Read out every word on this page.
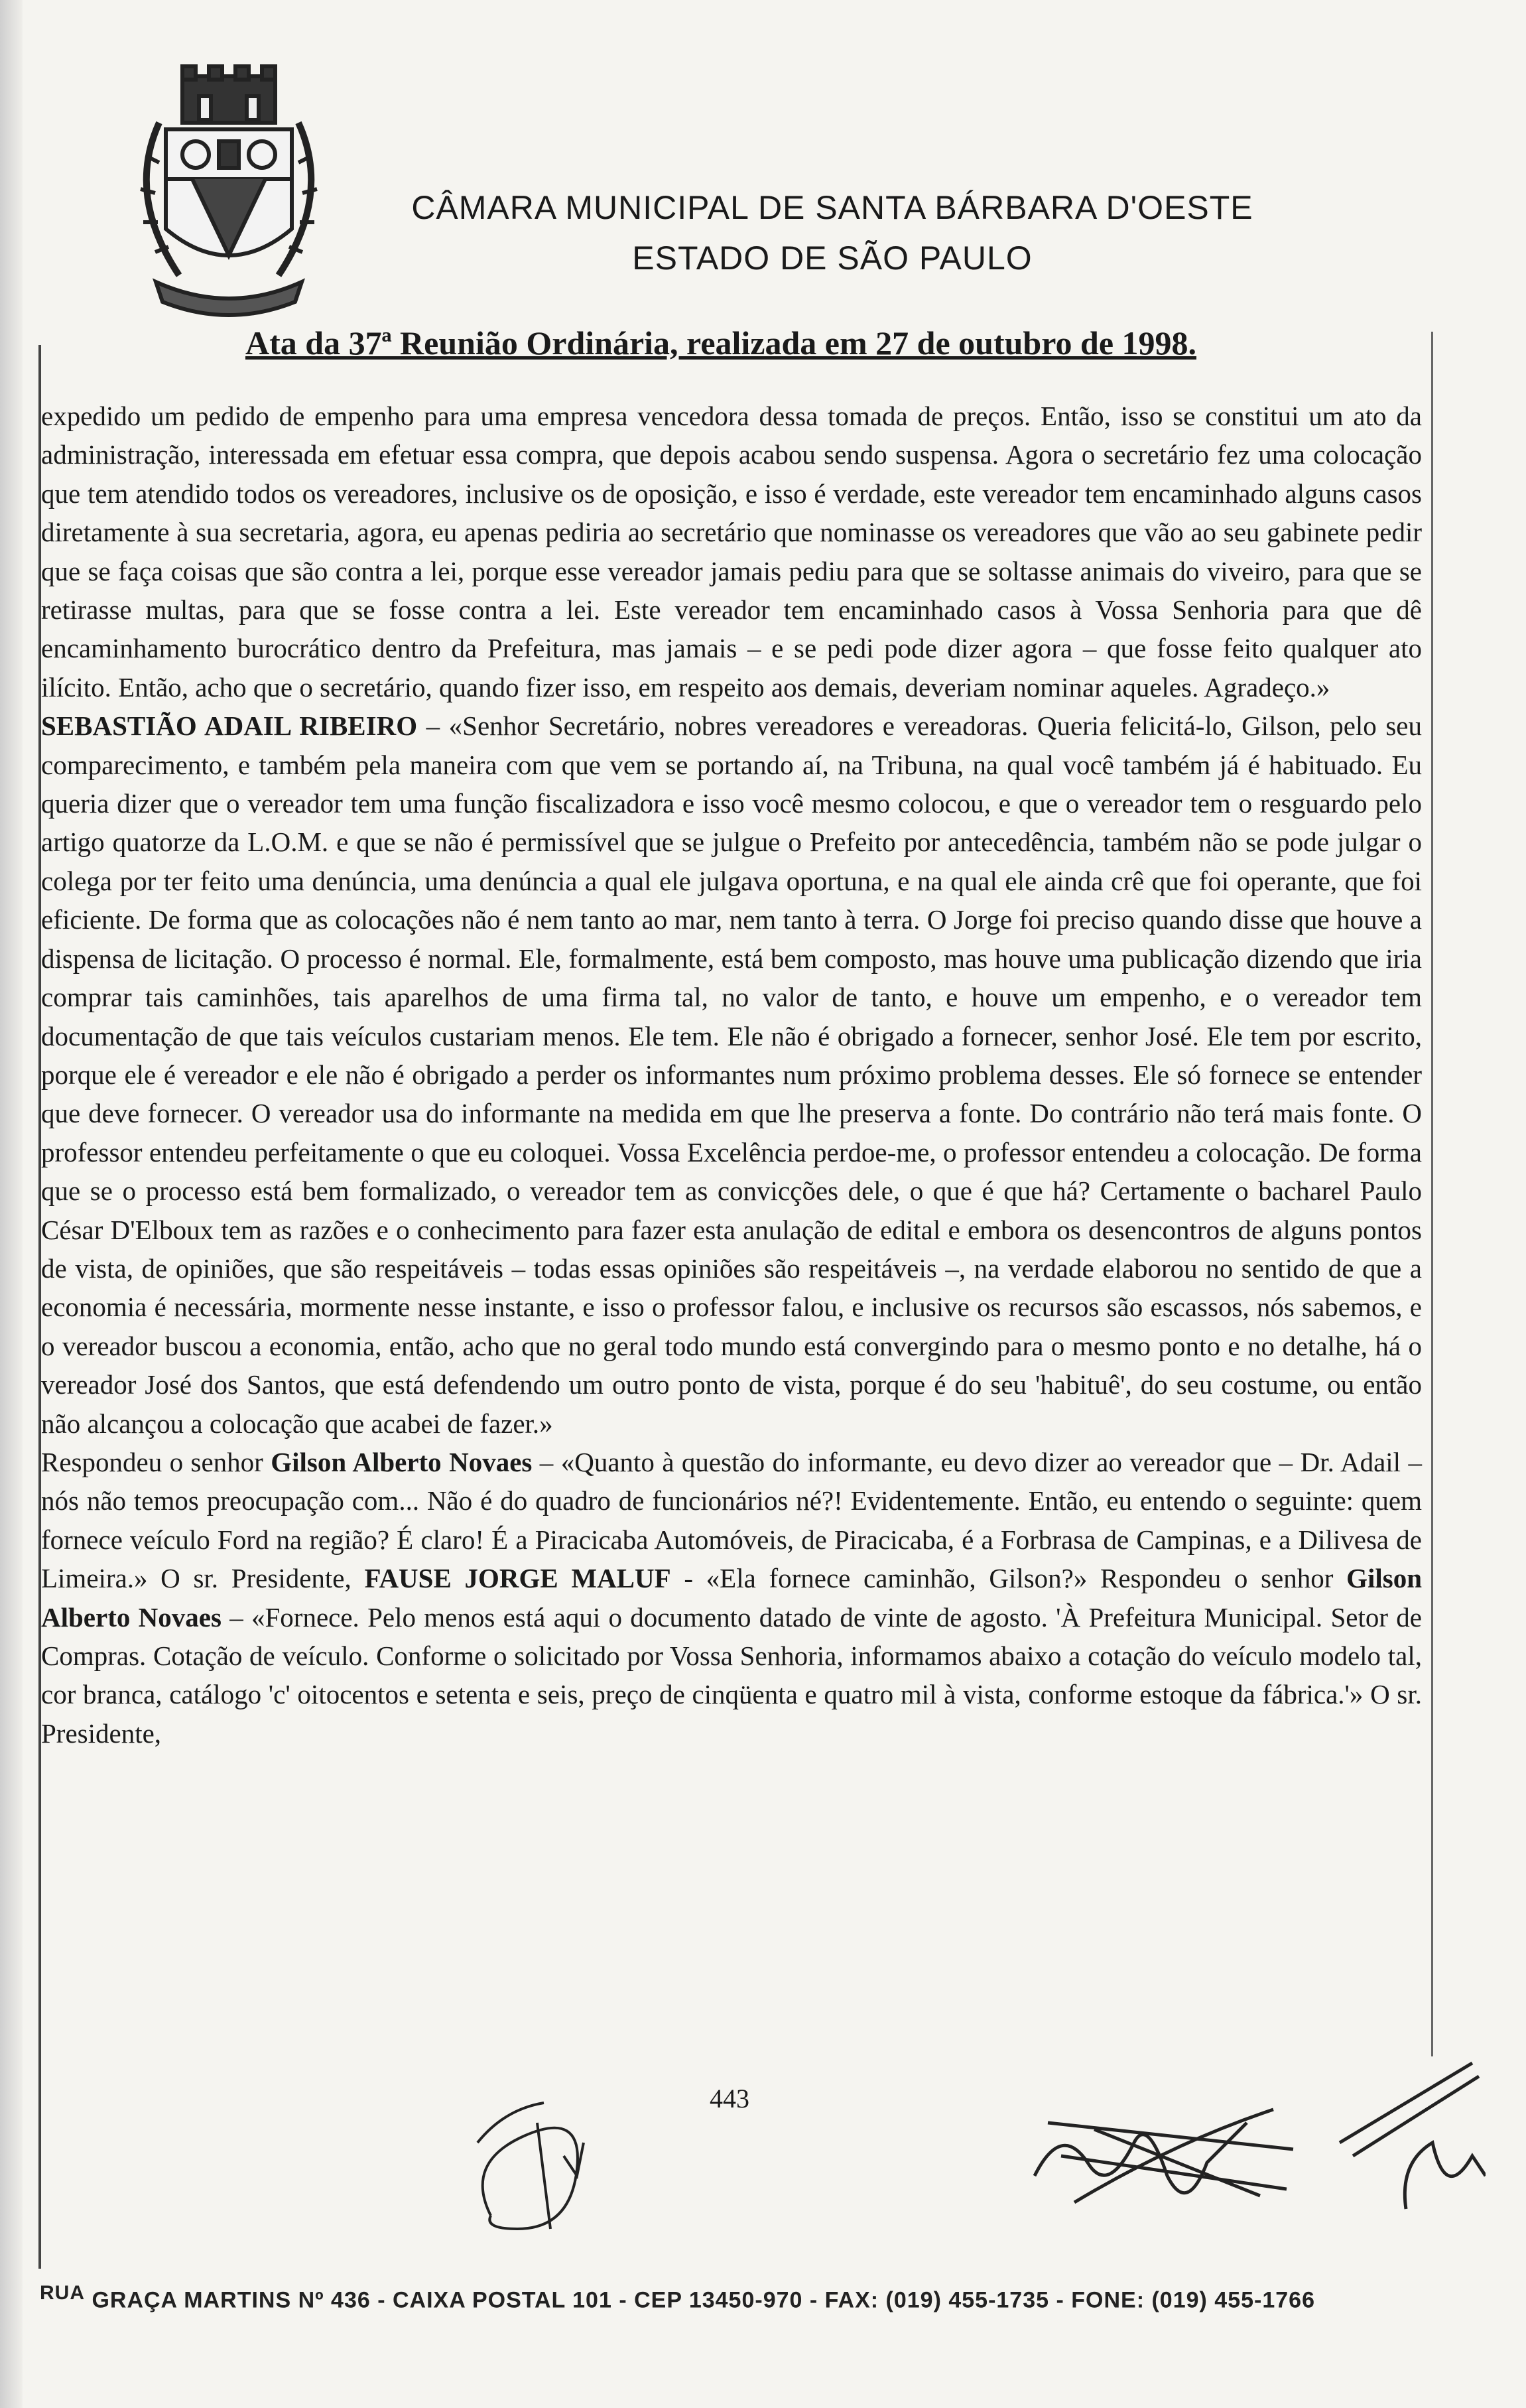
CÂMARA MUNICIPAL DE SANTA BÁRBARA D'OESTE
ESTADO DE SÃO PAULO
Ata da 37ª Reunião Ordinária, realizada em 27 de outubro de 1998.

expedido um pedido de empenho para uma empresa vencedora dessa tomada de preços. Então, isso se constitui um ato da administração, interessada em efetuar essa compra, que depois acabou sendo suspensa. Agora o secretário fez uma colocação que tem atendido todos os vereadores, inclusive os de oposição, e isso é verdade, este vereador tem encaminhado alguns casos diretamente à sua secretaria, agora, eu apenas pediria ao secretário que nominasse os vereadores que vão ao seu gabinete pedir que se faça coisas que são contra a lei, porque esse vereador jamais pediu para que se soltasse animais do viveiro, para que se retirasse multas, para que se fosse contra a lei. Este vereador tem encaminhado casos à Vossa Senhoria para que dê encaminhamento burocrático dentro da Prefeitura, mas jamais – e se pedi pode dizer agora – que fosse feito qualquer ato ilícito. Então, acho que o secretário, quando fizer isso, em respeito aos demais, deveriam nominar aqueles. Agradeço.»

SEBASTIÃO ADAIL RIBEIRO – «Senhor Secretário, nobres vereadores e vereadoras. Queria felicitá-lo, Gilson, pelo seu comparecimento, e também pela maneira com que vem se portando aí, na Tribuna, na qual você também já é habituado. Eu queria dizer que o vereador tem uma função fiscalizadora e isso você mesmo colocou, e que o vereador tem o resguardo pelo artigo quatorze da L.O.M. e que se não é permissível que se julgue o Prefeito por antecedência, também não se pode julgar o colega por ter feito uma denúncia, uma denúncia a qual ele julgava oportuna, e na qual ele ainda crê que foi operante, que foi eficiente. De forma que as colocações não é nem tanto ao mar, nem tanto à terra. O Jorge foi preciso quando disse que houve a dispensa de licitação. O processo é normal. Ele, formalmente, está bem composto, mas houve uma publicação dizendo que iria comprar tais caminhões, tais aparelhos de uma firma tal, no valor de tanto, e houve um empenho, e o vereador tem documentação de que tais veículos custariam menos. Ele tem. Ele não é obrigado a fornecer, senhor José. Ele tem por escrito, porque ele é vereador e ele não é obrigado a perder os informantes num próximo problema desses. Ele só fornece se entender que deve fornecer. O vereador usa do informante na medida em que lhe preserva a fonte. Do contrário não terá mais fonte. O professor entendeu perfeitamente o que eu coloquei. Vossa Excelência perdoe-me, o professor entendeu a colocação. De forma que se o processo está bem formalizado, o vereador tem as convicções dele, o que é que há? Certamente o bacharel Paulo César D'Elboux tem as razões e o conhecimento para fazer esta anulação de edital e embora os desencontros de alguns pontos de vista, de opiniões, que são respeitáveis – todas essas opiniões são respeitáveis –, na verdade elaborou no sentido de que a economia é necessária, mormente nesse instante, e isso o professor falou, e inclusive os recursos são escassos, nós sabemos, e o vereador buscou a economia, então, acho que no geral todo mundo está convergindo para o mesmo ponto e no detalhe, há o vereador José dos Santos, que está defendendo um outro ponto de vista, porque é do seu 'habituê', do seu costume, ou então não alcançou a colocação que acabei de fazer.»

Respondeu o senhor Gilson Alberto Novaes – «Quanto à questão do informante, eu devo dizer ao vereador que – Dr. Adail – nós não temos preocupação com... Não é do quadro de funcionários né?! Evidentemente. Então, eu entendo o seguinte: quem fornece veículo Ford na região? É claro! É a Piracicaba Automóveis, de Piracicaba, é a Forbrasa de Campinas, e a Dilivesa de Limeira.» O sr. Presidente, FAUSE JORGE MALUF - «Ela fornece caminhão, Gilson?» Respondeu o senhor Gilson Alberto Novaes – «Fornece. Pelo menos está aqui o documento datado de vinte de agosto. 'À Prefeitura Municipal. Setor de Compras. Cotação de veículo. Conforme o solicitado por Vossa Senhoria, informamos abaixo a cotação do veículo modelo tal, cor branca, catálogo 'c' oitocentos e setenta e seis, preço de cinqüenta e quatro mil à vista, conforme estoque da fábrica.'» O sr. Presidente,

443
RUA GRAÇA MARTINS Nº 436 - CAIXA POSTAL 101 - CEP 13450-970 - FAX: (019) 455-1735 - FONE: (019) 455-1766
